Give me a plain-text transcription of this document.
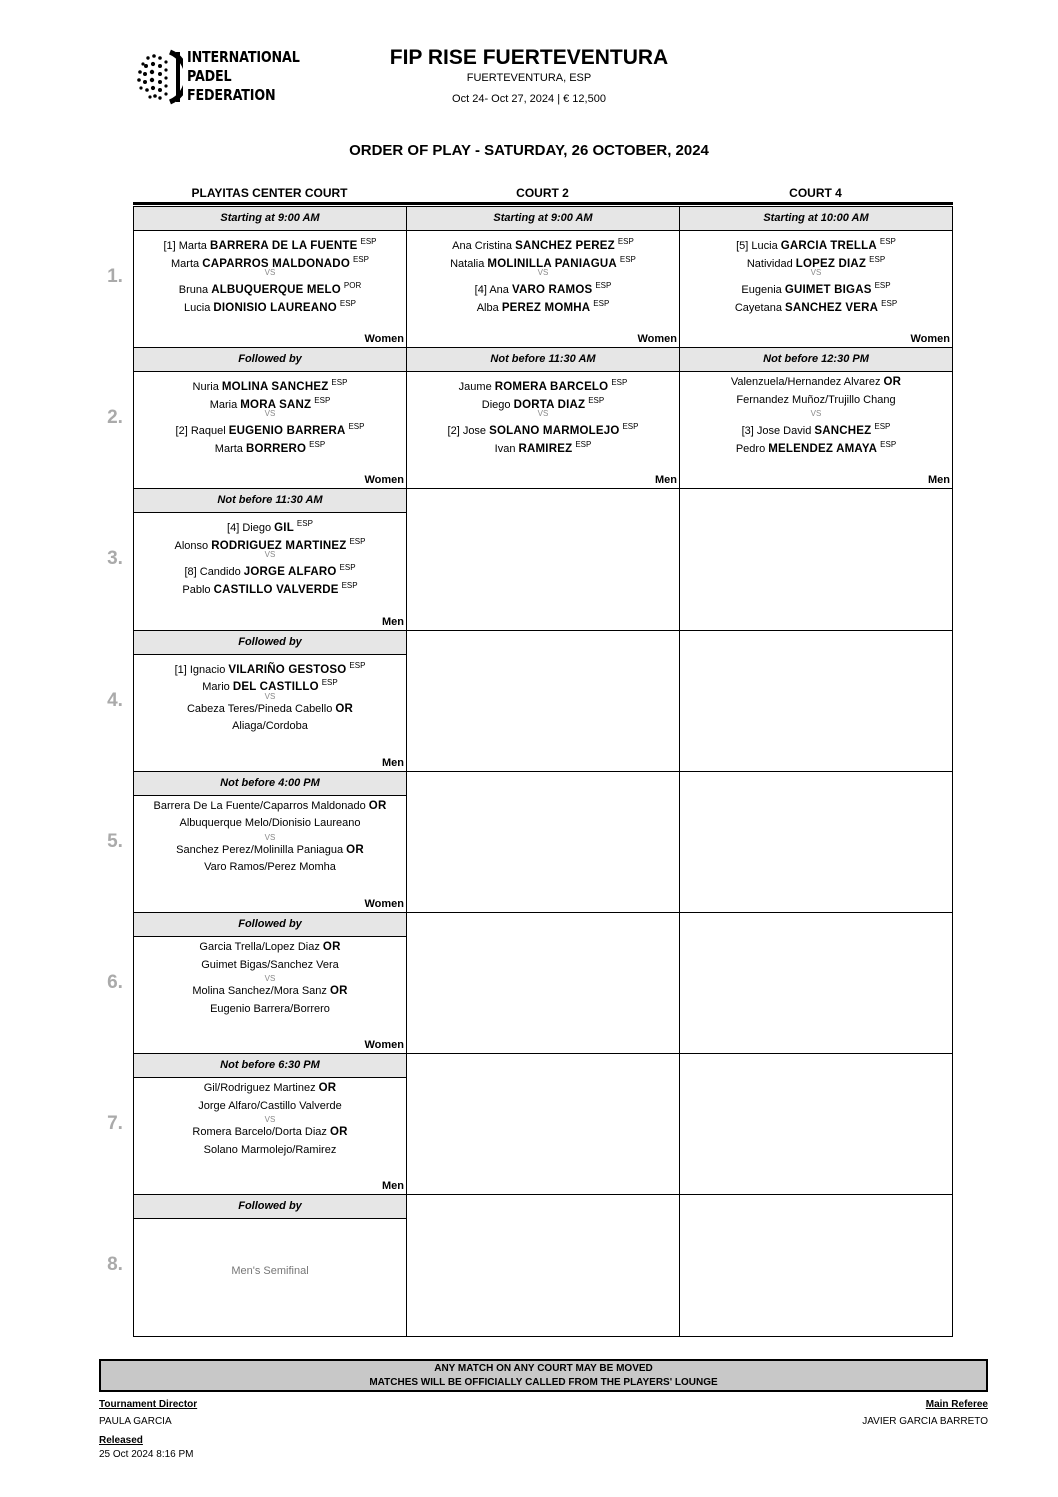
INTERNATIONAL
PADEL
FEDERATION
FIP RISE FUERTEVENTURA
FUERTEVENTURA, ESP
Oct 24- Oct 27, 2024 | € 12,500
ORDER OF PLAY - SATURDAY, 26 OCTOBER, 2024
PLAYITAS CENTER COURT	COURT 2	COURT 4
1.
Starting at 9:00 AM
[1] Marta BARRERA DE LA FUENTE $^{ESP}$
Marta CAPARROS MALDONADO $^{ESP}$
VS
Bruna ALBUQUERQUE MELO $^{POR}$
Lucia DIONISIO LAUREANO $^{ESP}$
Women
Starting at 9:00 AM
Ana Cristina SANCHEZ PEREZ $^{ESP}$
Natalia MOLINILLA PANIAGUA $^{ESP}$
VS
[4] Ana VARO RAMOS $^{ESP}$
Alba PEREZ MOMHA $^{ESP}$
Women
Starting at 10:00 AM
[5] Lucia GARCIA TRELLA $^{ESP}$
Natividad LOPEZ DIAZ $^{ESP}$
VS
Eugenia GUIMET BIGAS $^{ESP}$
Cayetana SANCHEZ VERA $^{ESP}$
Women
2.
Followed by
Nuria MOLINA SANCHEZ $^{ESP}$
Maria MORA SANZ $^{ESP}$
VS
[2] Raquel EUGENIO BARRERA $^{ESP}$
Marta BORRERO $^{ESP}$
Women
Not before 11:30 AM
Jaume ROMERA BARCELO $^{ESP}$
Diego DORTA DIAZ $^{ESP}$
VS
[2] Jose SOLANO MARMOLEJO $^{ESP}$
Ivan RAMIREZ $^{ESP}$
Men
Not before 12:30 PM
Valenzuela/Hernandez Alvarez OR
Fernandez Muñoz/Trujillo Chang
VS
[3] Jose David SANCHEZ $^{ESP}$
Pedro MELENDEZ AMAYA $^{ESP}$
Men
3.
Not before 11:30 AM
[4] Diego GIL $^{ESP}$
Alonso RODRIGUEZ MARTINEZ $^{ESP}$
VS
[8] Candido JORGE ALFARO $^{ESP}$
Pablo CASTILLO VALVERDE $^{ESP}$
Men
4.
Followed by
[1] Ignacio VILARIÑO GESTOSO $^{ESP}$
Mario DEL CASTILLO $^{ESP}$
VS
Cabeza Teres/Pineda Cabello OR
Aliaga/Cordoba
Men
5.
Not before 4:00 PM
Barrera De La Fuente/Caparros Maldonado OR
Albuquerque Melo/Dionisio Laureano
VS
Sanchez Perez/Molinilla Paniagua OR
Varo Ramos/Perez Momha
Women
6.
Followed by
Garcia Trella/Lopez Diaz OR
Guimet Bigas/Sanchez Vera
VS
Molina Sanchez/Mora Sanz OR
Eugenio Barrera/Borrero
Women
7.
Not before 6:30 PM
Gil/Rodriguez Martinez OR
Jorge Alfaro/Castillo Valverde
VS
Romera Barcelo/Dorta Diaz OR
Solano Marmolejo/Ramirez
Men
8.
Followed by
Men's Semifinal
ANY MATCH ON ANY COURT MAY BE MOVED
MATCHES WILL BE OFFICIALLY CALLED FROM THE PLAYERS' LOUNGE
Tournament Director
PAULA GARCIA
Released
25 Oct 2024 8:16 PM
Main Referee
JAVIER GARCIA BARRETO
